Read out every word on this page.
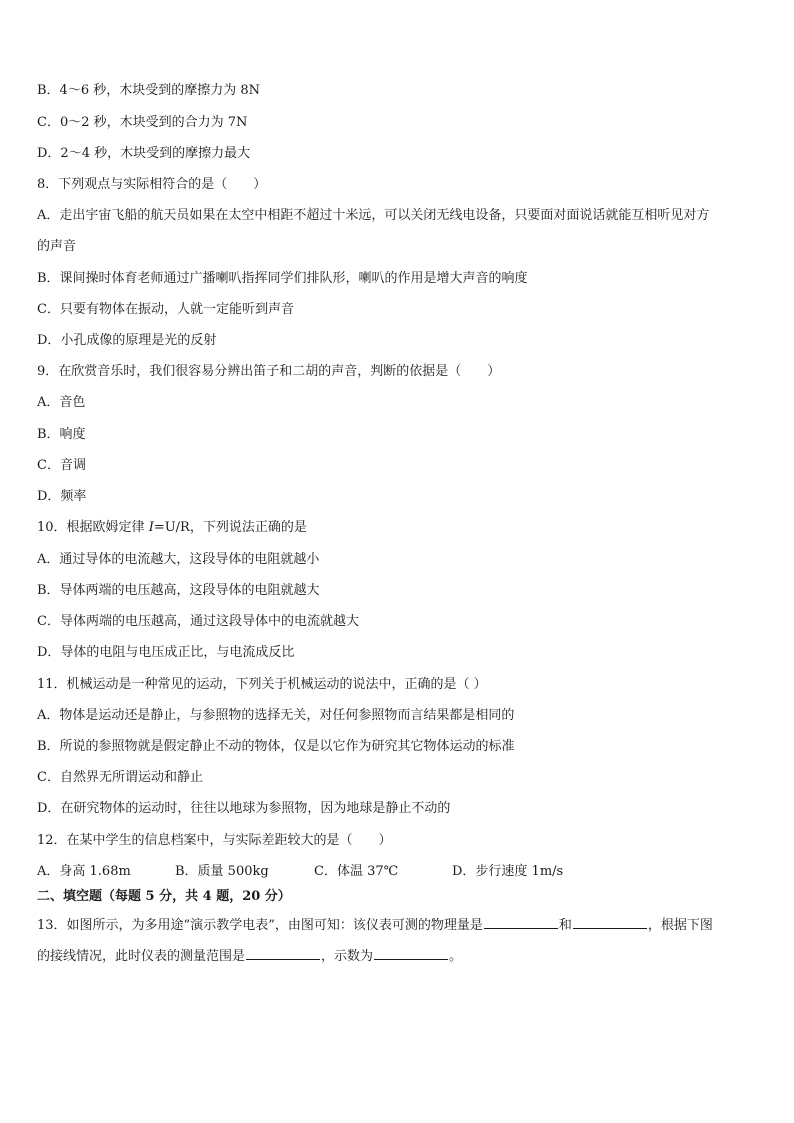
B．4～6 秒，木块受到的摩擦力为 8N
C．0～2 秒，木块受到的合力为 7N
D．2～4 秒，木块受到的摩擦力最大
8．下列观点与实际相符合的是（　　）
A．走出宇宙飞船的航天员如果在太空中相距不超过十米远，可以关闭无线电设备，只要面对面说话就能互相听见对方
的声音
B．课间操时体育老师通过广播喇叭指挥同学们排队形，喇叭的作用是增大声音的响度
C．只要有物体在振动，人就一定能听到声音
D．小孔成像的原理是光的反射
9．在欣赏音乐时，我们很容易分辨出笛子和二胡的声音，判断的依据是（　　）
A．音色
B．响度
C．音调
D．频率
10．根据欧姆定律 I=U/R，下列说法正确的是
A．通过导体的电流越大，这段导体的电阻就越小
B．导体两端的电压越高，这段导体的电阻就越大
C．导体两端的电压越高，通过这段导体中的电流就越大
D．导体的电阻与电压成正比，与电流成反比
11．机械运动是一种常见的运动，下列关于机械运动的说法中，正确的是（ ）
A．物体是运动还是静止，与参照物的选择无关，对任何参照物而言结果都是相同的
B．所说的参照物就是假定静止不动的物体，仅是以它作为研究其它物体运动的标准
C．自然界无所谓运动和静止
D．在研究物体的运动时，往往以地球为参照物，因为地球是静止不动的
12．在某中学生的信息档案中，与实际差距较大的是（　　）
A．身高 1.68m	B．质量 500kg	C．体温 37℃	D．步行速度 1m/s
二、填空题（每题 5 分，共 4 题，20 分）
13．如图所示，为多用途“演示教学电表”，由图可知：该仪表可测的物理量是	和	，根据下图
的接线情况，此时仪表的测量范围是	，示数为	。
